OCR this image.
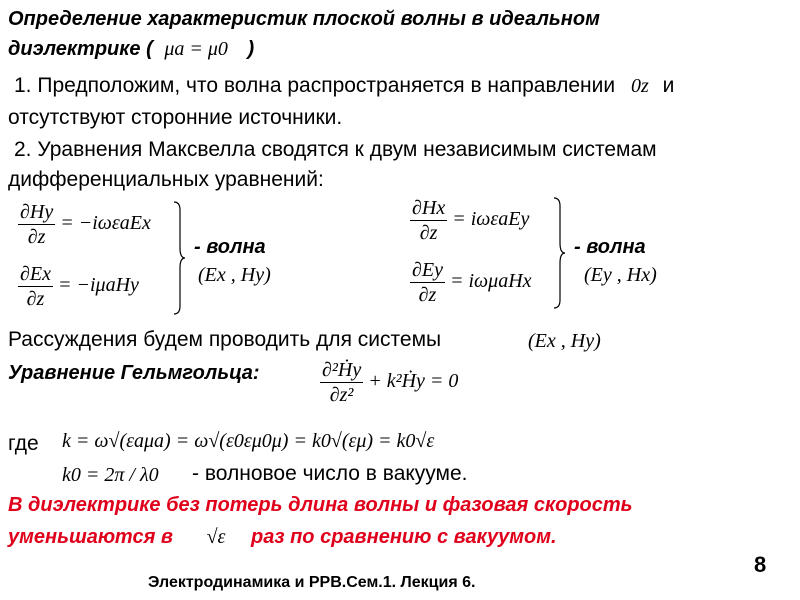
Определение характеристик плоской волны в идеальном
диэлектрике ( μa = μ0 )
1. Предположим, что волна распространяется в направлении 0z и
отсутствуют сторонние источники.
2. Уравнения Максвелла сводятся к двум независимым системам
дифференциальных уравнений:
$\frac{\partial Hy}{\partial z} = -i\omega\varepsilon aEx$
$\frac{\partial Ex}{\partial z} = -i\mu aHy$
- волна
(Ex , Hy)
$\frac{\partial Hx}{\partial z} = i\omega\varepsilon aEy$
$\frac{\partial Ey}{\partial z} = i\omega\mu aHx$
- волна
(Ey , Hx)
Рассуждения будем проводить для системы	(Ex , Hy)
Уравнение Гельмгольца:	$\frac{\text{∂²Ḣy}}{\text{∂z²}}$ + k²Ḣy = 0
где k = ω√(εaμa) = ω√(ε0εμ0μ) = k0√(εμ) = k0√ε
k0 = 2π / λ0 - волновое число в вакууме.
В диэлектрике без потерь длина волны и фазовая скорость
уменьшаются в √ε раз по сравнению с вакуумом.
8
Электродинамика и РРВ.Сем.1. Лекция 6.
